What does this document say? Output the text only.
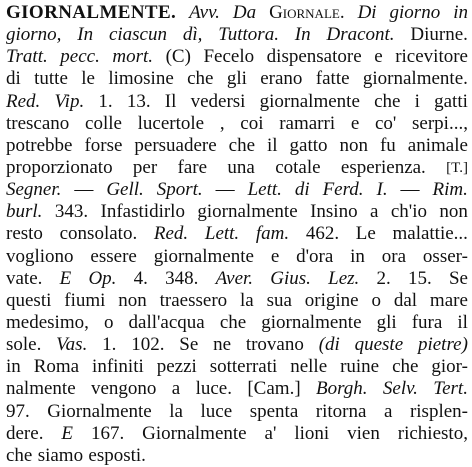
GIORNALMENTE. Avv. Da Giornale. Di giorno in
giorno, In ciascun dì, Tuttora. In Dracont. Diurne.
Tratt. pecc. mort. (C) Fecelo dispensatore e ricevitore
di tutte le limosine che gli erano fatte giornalmente.
Red. Vip. 1. 13. Il vedersi giornalmente che i gatti
trescano colle lucertole , coi ramarri e co' serpi...,
potrebbe forse persuadere che il gatto non fu animale
proporzionato per fare una cotale esperienza. [T.]
Segner. — Gell. Sport. — Lett. di Ferd. I. — Rim.
burl. 343. Infastidirlo giornalmente Insino a ch'io non
resto consolato. Red. Lett. fam. 462. Le malattie...
vogliono essere giornalmente e d'ora in ora osser-
vate. E Op. 4. 348. Aver. Gius. Lez. 2. 15. Se
questi fiumi non traessero la sua origine o dal mare
medesimo, o dall'acqua che giornalmente gli fura il
sole. Vas. 1. 102. Se ne trovano (di queste pietre)
in Roma infiniti pezzi sotterrati nelle ruine che gior-
nalmente vengono a luce. [Cam.] Borgh. Selv. Tert.
97. Giornalmente la luce spenta ritorna a risplen-
dere. E 167. Giornalmente a' lioni vien richiesto,
che siamo esposti.
